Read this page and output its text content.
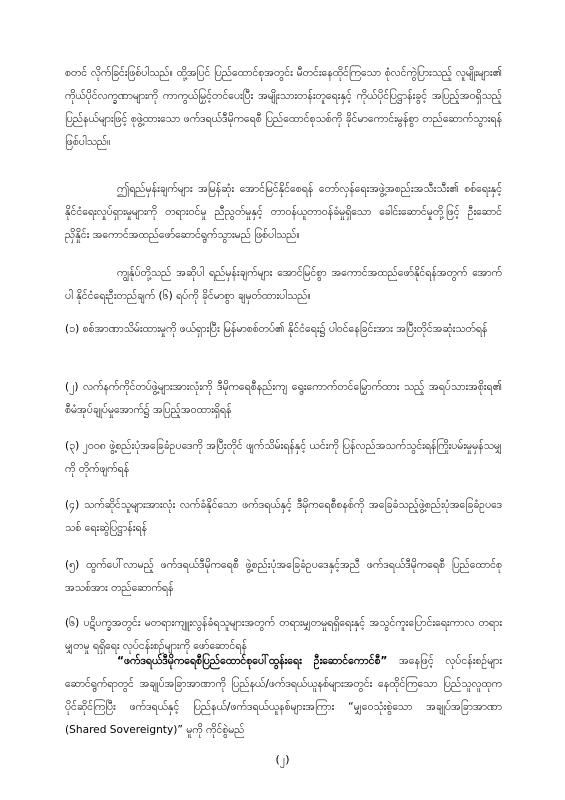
စတင် လိုက်ခြင်းဖြစ်ပါသည်။ ထို့အပြင် ပြည်ထောင်စုအတွင်း မီတင်းနေထိုင်ကြသော စုံလင်ကွဲပြားသည့် လူမျိုးများ၏ ကိုယ်ပိုင်လက္ခဏာများကို ကာကွယ်မြှင့်တင်ပေးပြီး အမျိုးသားတန်းတူရေးနှင့် ကိုယ်ပိုင်ပြဋ္ဌာန်းခွင့် အပြည့်အဝရှိသည့် ပြည်နယ်များဖြင့် စုဖွဲ့ထားသော ဖက်ဒရယ်ဒီမိုကရေစီ ပြည်ထောင်စုသစ်ကို ခိုင်မာကောင်းမွန်စွာ တည်ဆောက်သွားရန် ဖြစ်ပါသည်။

ဤရည်မှန်းချက်များ အမြန်ဆုံး အောင်မြင်နိုင်စေရန် တော်လှန်ရေးအဖွဲ့အစည်းအသီးသီး၏ စစ်ရေးနှင့် နိုင်ငံရေးလှုပ်ရှားမှုများကို တရားဝင်မှု ညီညွတ်မှုနှင့် တာဝန်ယူတာဝန်ခံမှုရှိသော ခေါင်းဆောင်မှုတို့ဖြင့် ဦးဆောင်ညှိနှိုင်း အကောင်အထည်ဖော်ဆောင်ရွက်သွားမည် ဖြစ်ပါသည်။

ကျွန်ုပ်တို့သည် အဆိုပါ ရည်မှန်းချက်များ အောင်မြင်စွာ အကောင်အထည်ဖော်နိုင်ရန်အတွက် အောက်ပါ နိုင်ငံရေးဦးတည်ချက် (၆) ရပ်ကို ခိုင်မာစွာ ချမှတ်ထားပါသည်။

(၁) စစ်အာဏာသိမ်းထားမှုကို ဖယ်ရှားပြီး မြန်မာစစ်တပ်၏ နိုင်ငံရေး၌ ပါဝင်နေခြင်းအား အပြီးတိုင်အဆုံးသတ်ရန်

(၂) လက်နက်ကိုင်တပ်ဖွဲ့များအားလုံးကို ဒီမိုကရေစီနည်းကျ ရွေးကောက်တင်မြှောက်ထား သည့် အရပ်သားအစိုးရ၏ စီမံအုပ်ချုပ်မှုအောက်၌ အပြည့်အဝထားရှိရန်

(၃) ၂၀၀၈ ဖွဲ့စည်းပုံအခြေခံဥပဒေကို အပြီးတိုင် ဖျက်သိမ်းရန်နှင့် ယင်းကို ပြန်လည်အသက်သွင်းရန်ကြိုးပမ်းမှုမှန်သမျှကို တိုက်ဖျက်ရန်

(၄) သက်ဆိုင်သူများအားလုံး လက်ခံနိုင်သော ဖက်ဒရယ်နှင့် ဒီမိုကရေစီစနစ်ကို အခြေခံသည့်ဖွဲ့စည်းပုံအခြေခံဥပဒေသစ် ရေးဆွဲပြဋ္ဌာန်းရန်

(၅) ထွက်ပေါ်လာမည့် ဖက်ဒရယ်ဒီမိုကရေစီ ဖွဲ့စည်းပုံအခြေခံဥပဒေနှင့်အညီ ဖက်ဒရယ်ဒီမိုကရေစီ ပြည်ထောင်စုအသစ်အား တည်ဆောက်ရန်

(၆) ပဋိပက္ခအတွင်း မတရားကျူးလွန်ခံရသူများအတွက် တရားမျှတမှုရရှိရေးနှင့် အသွင်ကူးပြောင်းရေးကာလ တရားမျှတမှု ရရှိရေး လုပ်ငန်းစဉ်များကို ဖော်ဆောင်ရန်

“ဖက်ဒရယ်ဒီမိုကရေစီပြည်ထောင်စုပေါ်ထွန်းရေး ဦးဆောင်ကောင်စီ” အနေဖြင့် လုပ်ငန်းစဉ်များ ဆောင်ရွက်ရာတွင် အချုပ်အခြာအာဏာကို ပြည်နယ်/ဖက်ဒရယ်ယူနစ်များအတွင်း နေထိုင်ကြသော ပြည်သူလူထုက ပိုင်ဆိုင်ကြပြီး ဖက်ဒရယ်နှင့် ပြည်နယ်/ဖက်ဒရယ်ယူနစ်များအကြား “မျှဝေသုံးစွဲသော အချုပ်အခြာအာဏာ (Shared Sovereignty)” မူကို ကိုင်စွဲမည်

(၂)
